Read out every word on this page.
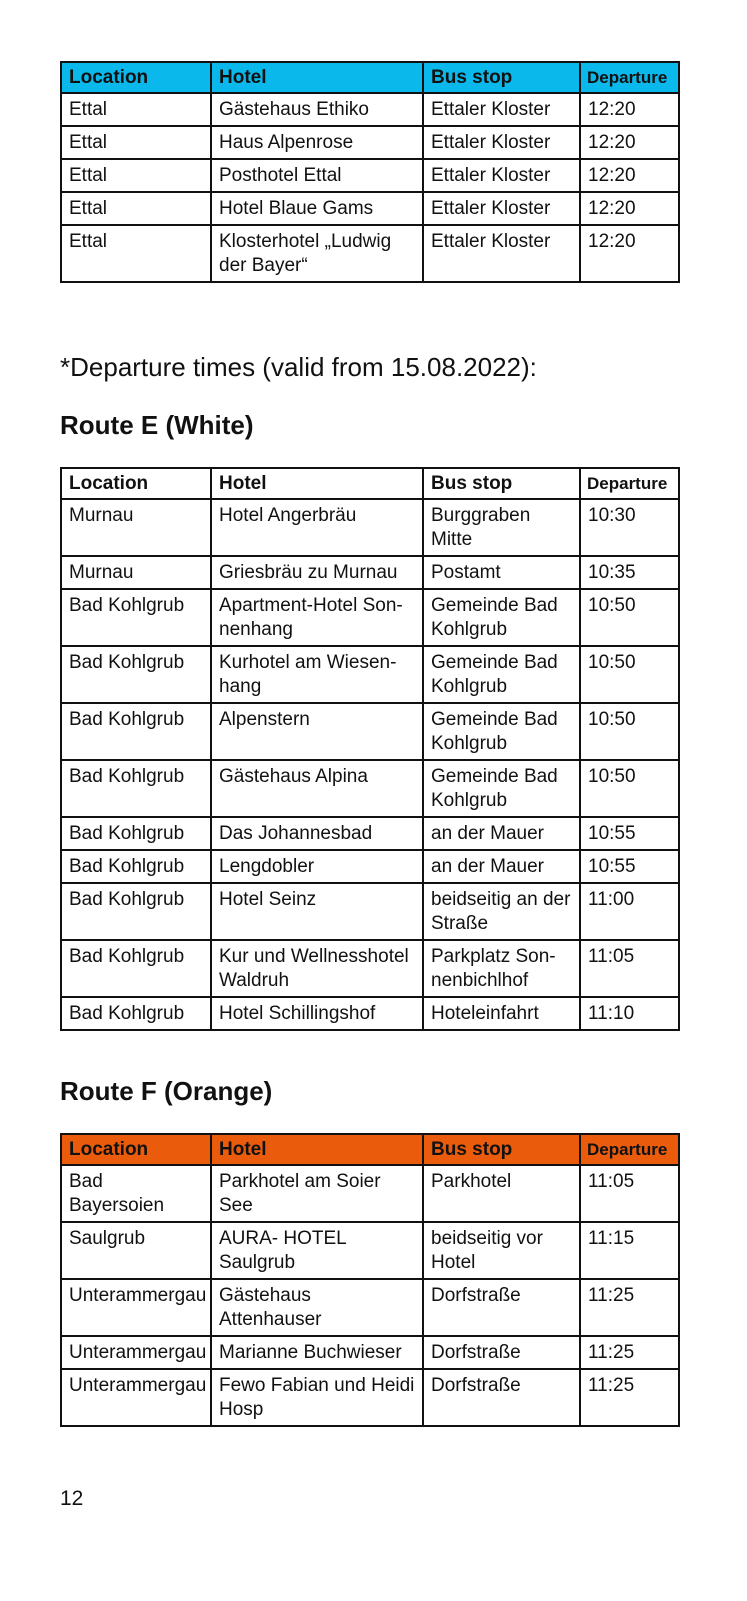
Location	Hotel	Bus stop	Departure
Ettal	Gästehaus Ethiko	Ettaler Kloster	12:20
Ettal	Haus Alpenrose	Ettaler Kloster	12:20
Ettal	Posthotel Ettal	Ettaler Kloster	12:20
Ettal	Hotel Blaue Gams	Ettaler Kloster	12:20
Ettal	Klosterhotel „Ludwig der Bayer“	Ettaler Kloster	12:20
*Departure times (valid from 15.08.2022):
Route E (White)
Location	Hotel	Bus stop	Departure
Murnau	Hotel Angerbräu	Burggraben Mitte	10:30
Murnau	Griesbräu zu Murnau	Postamt	10:35
Bad Kohlgrub	Apartment-Hotel Son-nenhang	Gemeinde Bad Kohlgrub	10:50
Bad Kohlgrub	Kurhotel am Wiesen-hang	Gemeinde Bad Kohlgrub	10:50
Bad Kohlgrub	Alpenstern	Gemeinde Bad Kohlgrub	10:50
Bad Kohlgrub	Gästehaus Alpina	Gemeinde Bad Kohlgrub	10:50
Bad Kohlgrub	Das Johannesbad	an der Mauer	10:55
Bad Kohlgrub	Lengdobler	an der Mauer	10:55
Bad Kohlgrub	Hotel Seinz	beidseitig an der Straße	11:00
Bad Kohlgrub	Kur und Wellnesshotel Waldruh	Parkplatz Son-nenbichlhof	11:05
Bad Kohlgrub	Hotel Schillingshof	Hoteleinfahrt	11:10
Route F (Orange)
Location	Hotel	Bus stop	Departure
Bad Bayersoien	Parkhotel am Soier See	Parkhotel	11:05
Saulgrub	AURA- HOTEL Saulgrub	beidseitig vor Hotel	11:15
Unterammergau	Gästehaus Attenhauser	Dorfstraße	11:25
Unterammergau	Marianne Buchwieser	Dorfstraße	11:25
Unterammergau	Fewo Fabian und Heidi Hosp	Dorfstraße	11:25
12
